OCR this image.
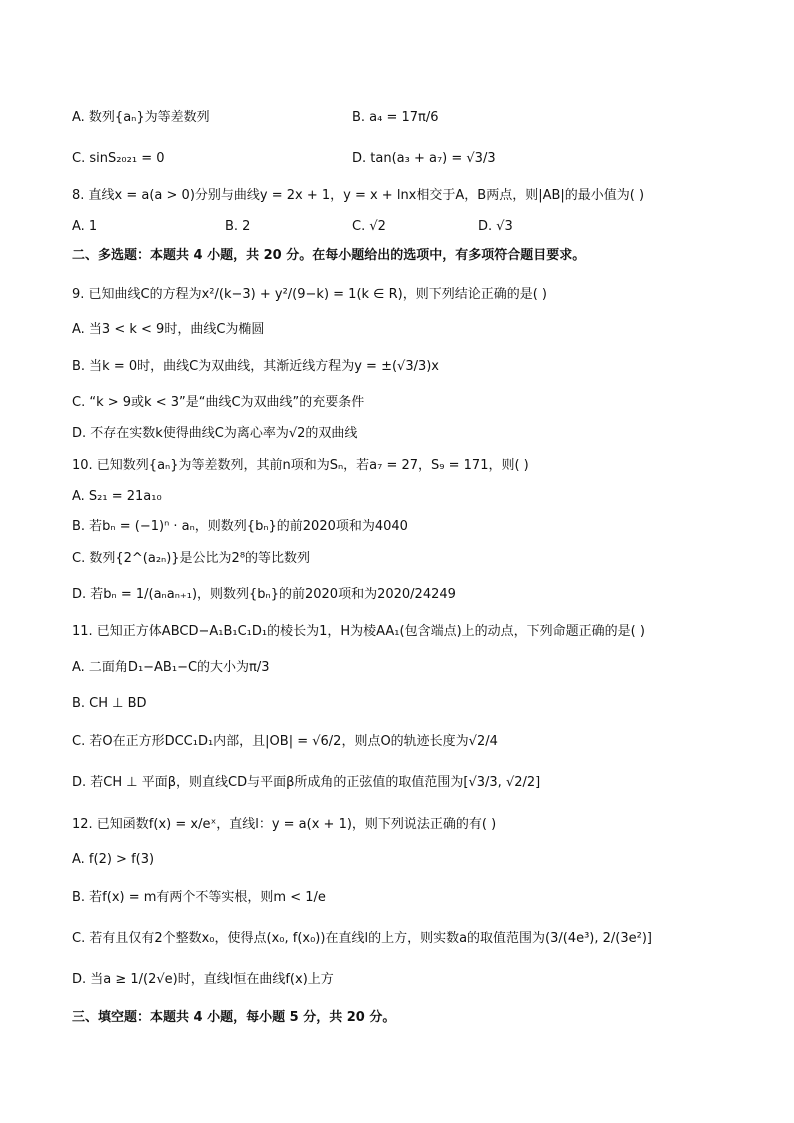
A. 数列{aₙ}为等差数列	B. a₄ = 17π/6
C. sinS₂₀₂₁ = 0	D. tan(a₃ + a₇) = √3/3
8. 直线x = a(a > 0)分别与曲线y = 2x + 1，y = x + lnx相交于A，B两点，则|AB|的最小值为( )
A. 1	B. 2	C. √2	D. √3
二、多选题：本题共 4 小题，共 20 分。在每小题给出的选项中，有多项符合题目要求。
9. 已知曲线C的方程为x²/(k−3) + y²/(9−k) = 1(k ∈ R)，则下列结论正确的是( )
A. 当3 < k < 9时，曲线C为椭圆
B. 当k = 0时，曲线C为双曲线，其渐近线方程为y = ±(√3/3)x
C. “k > 9或k < 3”是“曲线C为双曲线”的充要条件
D. 不存在实数k使得曲线C为离心率为√2的双曲线
10. 已知数列{aₙ}为等差数列，其前n项和为Sₙ，若a₇ = 27，S₉ = 171，则( )
A. S₂₁ = 21a₁₀
B. 若bₙ = (−1)ⁿ · aₙ，则数列{bₙ}的前2020项和为4040
C. 数列{2^(a₂ₙ)}是公比为2⁸的等比数列
D. 若bₙ = 1/(aₙaₙ₊₁)，则数列{bₙ}的前2020项和为2020/24249
11. 已知正方体ABCD−A₁B₁C₁D₁的棱长为1，H为棱AA₁(包含端点)上的动点，下列命题正确的是( )
A. 二面角D₁−AB₁−C的大小为π/3
B. CH ⊥ BD
C. 若O在正方形DCC₁D₁内部，且|OB| = √6/2，则点O的轨迹长度为√2/4
D. 若CH ⊥ 平面β，则直线CD与平面β所成角的正弦值的取值范围为[√3/3, √2/2]
12. 已知函数f(x) = x/eˣ，直线l：y = a(x + 1)，则下列说法正确的有( )
A. f(2) > f(3)
B. 若f(x) = m有两个不等实根，则m < 1/e
C. 若有且仅有2个整数x₀，使得点(x₀, f(x₀))在直线l的上方，则实数a的取值范围为(3/(4e³), 2/(3e²)]
D. 当a ≥ 1/(2√e)时，直线l恒在曲线f(x)上方
三、填空题：本题共 4 小题，每小题 5 分，共 20 分。
